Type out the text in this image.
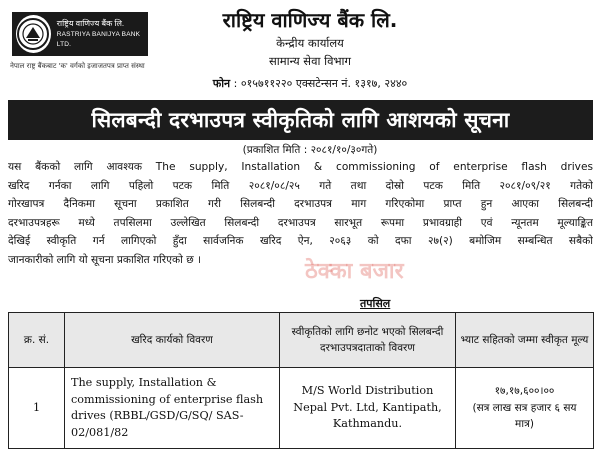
राष्ट्रिय वाणिज्य बैंक लि.
RASTRIYA BANIJYA BANK LTD.
नेपाल राष्ट्र बैंकबाट 'क' वर्गको इजाजतपत्र प्राप्त संस्था
राष्ट्रिय वाणिज्य बैंक लि.
केन्द्रीय कार्यालय
सामान्य सेवा विभाग
फोन : ०१५७११२२० एक्सटेन्सन नं. १३१७, २४४०
सिलबन्दी दरभाउपत्र स्वीकृतिको लागि आशयको सूचना
(प्रकाशित मिति : २०८१/१०/३०गते)
यस बैंकको लागि आवश्यक The supply, Installation & commissioning of enterprise flash drives
खरिद गर्नका लागि पहिलो पटक मिति २०८१/०८/२५ गते तथा दोस्रो पटक मिति २०८१/०९/२१ गतेको
गोरखापत्र दैनिकमा सूचना प्रकाशित गरी सिलबन्दी दरभाउपत्र माग गरिएकोमा प्राप्त हुन आएका सिलबन्दी
दरभाउपत्रहरू मध्ये तपसिलमा उल्लेखित सिलबन्दी दरभाउपत्र सारभूत रूपमा प्रभावग्राही एवं न्यूनतम मूल्याङ्कित
देखिई स्वीकृति गर्न लागिएको हुँदा सार्वजनिक खरिद ऐन, २०६३ को दफा २७(२) बमोजिम सम्बन्धित सबैको
जानकारीको लागि यो सूचना प्रकाशित गरिएको छ ।	ठेक्का बजार
तपसिल
क्र. सं.	खरिद कार्यको विवरण	स्वीकृतिको लागि छनोट भएको सिलबन्दी दरभाउपत्रदाताको विवरण	भ्याट सहितको जम्मा स्वीकृत मूल्य
1	The supply, Installation & commissioning of enterprise flash drives (RBBL/GSD/G/SQ/ SAS-02/081/82	M/S World Distribution Nepal Pvt. Ltd, Kantipath, Kathmandu.	१७,१७,६००।००
(सत्र लाख सत्र हजार ६ सय मात्र)
